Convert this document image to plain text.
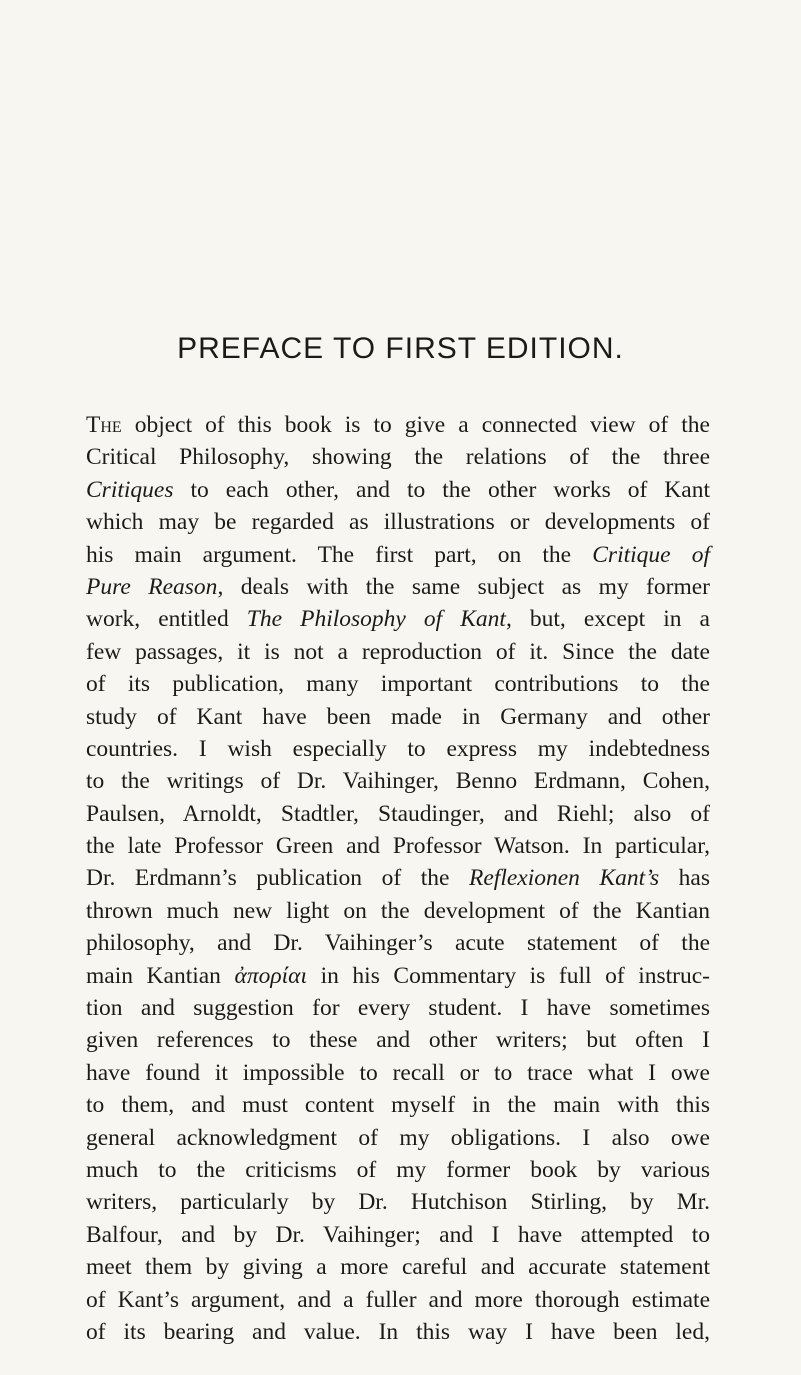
PREFACE TO FIRST EDITION.
The object of this book is to give a connected view of the
Critical Philosophy, showing the relations of the three
Critiques to each other, and to the other works of Kant
which may be regarded as illustrations or developments of
his main argument. The first part, on the Critique of
Pure Reason, deals with the same subject as my former
work, entitled The Philosophy of Kant, but, except in a
few passages, it is not a reproduction of it. Since the date
of its publication, many important contributions to the
study of Kant have been made in Germany and other
countries. I wish especially to express my indebtedness
to the writings of Dr. Vaihinger, Benno Erdmann, Cohen,
Paulsen, Arnoldt, Stadtler, Staudinger, and Riehl; also of
the late Professor Green and Professor Watson. In particular,
Dr. Erdmann’s publication of the Reflexionen Kant’s has
thrown much new light on the development of the Kantian
philosophy, and Dr. Vaihinger’s acute statement of the
main Kantian ἀπορίαι in his Commentary is full of instruc-
tion and suggestion for every student. I have sometimes
given references to these and other writers; but often I
have found it impossible to recall or to trace what I owe
to them, and must content myself in the main with this
general acknowledgment of my obligations. I also owe
much to the criticisms of my former book by various
writers, particularly by Dr. Hutchison Stirling, by Mr.
Balfour, and by Dr. Vaihinger; and I have attempted to
meet them by giving a more careful and accurate statement
of Kant’s argument, and a fuller and more thorough estimate
of its bearing and value. In this way I have been led,
